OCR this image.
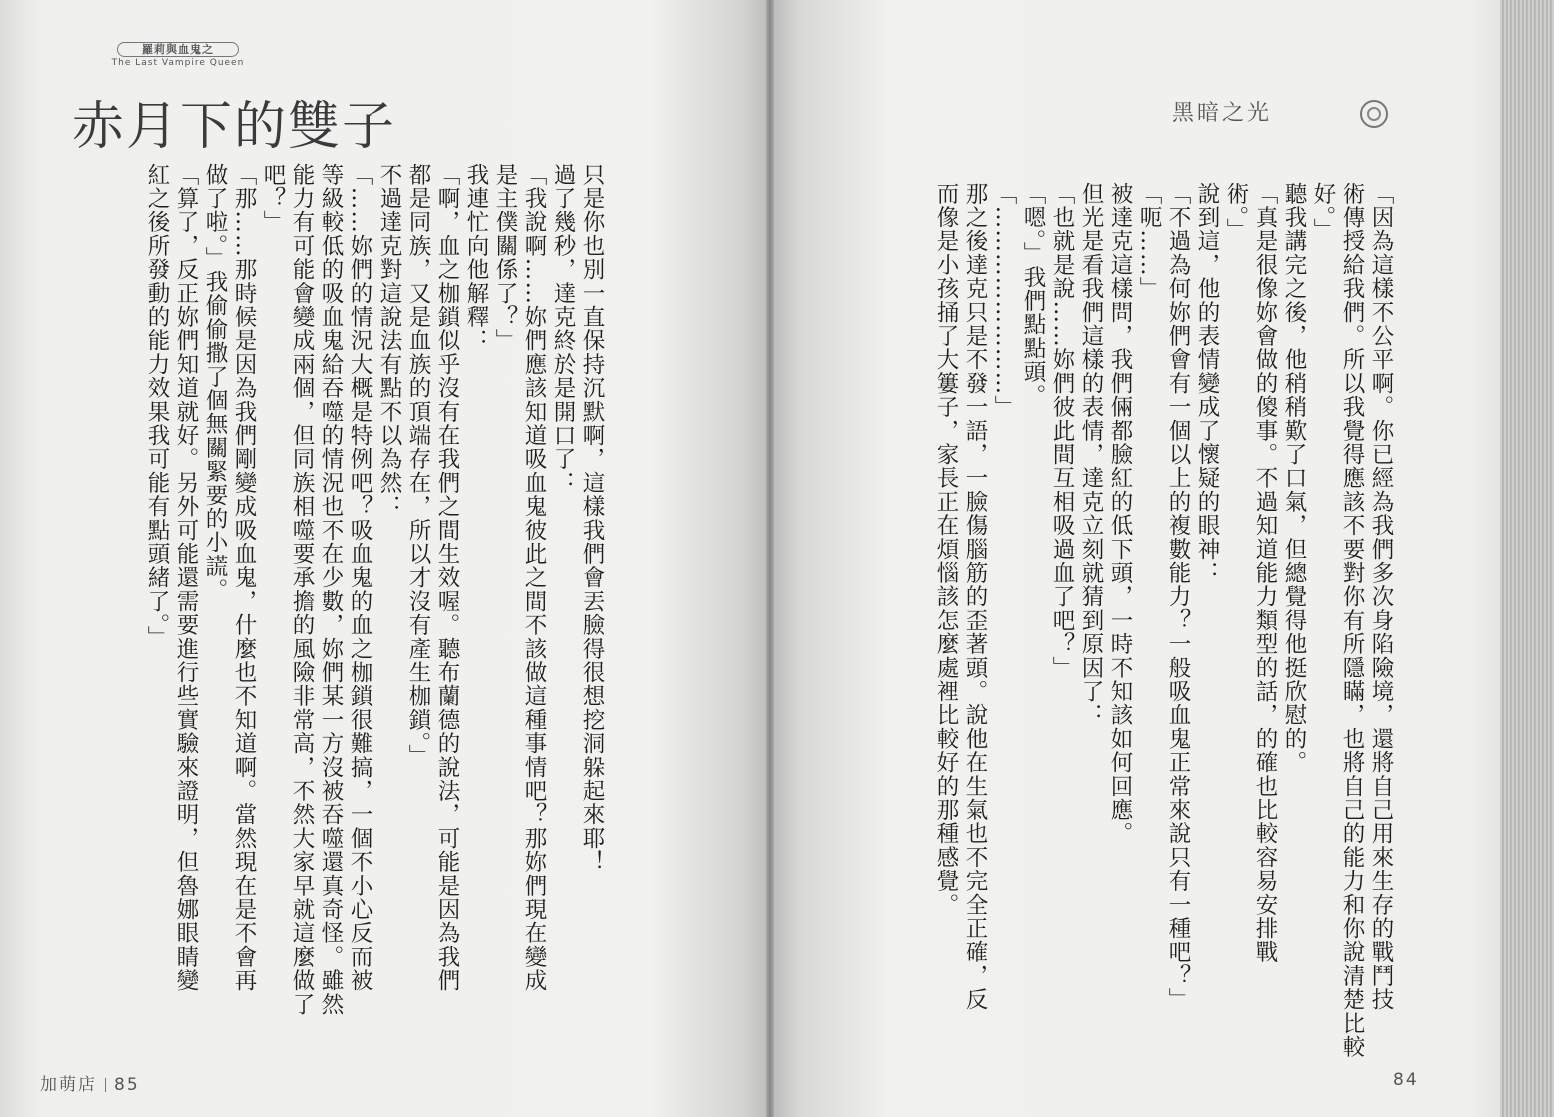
羅莉與血鬼之
The Last Vampire Queen
赤月下的雙子	黑暗之光
只是你也別一直保持沉默啊，這樣我們會丟臉得很想挖洞躲起來耶！
過了幾秒，達克終於是開口了：
「我說啊……妳們應該知道吸血鬼彼此之間不該做這種事情吧？那妳們現在變成
是主僕關係了？」
我連忙向他解釋：
「啊，血之枷鎖似乎沒有在我們之間生效喔。聽布蘭德的說法，可能是因為我們
都是同族，又是血族的頂端存在，所以才沒有產生枷鎖。」
不過達克對這說法有點不以為然：
「……妳們的情況大概是特例吧？吸血鬼的血之枷鎖很難搞，一個不小心反而被
等級較低的吸血鬼給吞噬的情況也不在少數，妳們某一方沒被吞噬還真奇怪。雖然
能力有可能會變成兩個，但同族相噬要承擔的風險非常高，不然大家早就這麼做了
吧？」
「那……那時候是因為我們剛變成吸血鬼，什麼也不知道啊。當然現在是不會再
做了啦。」我偷偷撒了個無關緊要的小謊。
「算了，反正妳們知道就好。另外可能還需要進行些實驗來證明，但魯娜眼睛變
紅之後所發動的能力效果我可能有點頭緒了。」	「因為這樣不公平啊。你已經為我們多次身陷險境，還將自己用來生存的戰鬥技
術傳授給我們。所以我覺得應該不要對你有所隱瞞，也將自己的能力和你說清楚比較
好。」
聽我講完之後，他稍稍歎了口氣，但總覺得他挺欣慰的。
「真是很像妳會做的傻事。不過知道能力類型的話，的確也比較容易安排戰
術。」
說到這，他的表情變成了懷疑的眼神：
「不過為何妳們會有一個以上的複數能力？一般吸血鬼正常來說只有一種吧？」
「呃……」
被達克這樣問，我們倆都臉紅的低下頭，一時不知該如何回應。
但光是看我們這樣的表情，達克立刻就猜到原因了：
「也就是說……妳們彼此間互相吸過血了吧？」
「嗯。」我們點點頭。
「……………………」
那之後達克只是不發一語，一臉傷腦筋的歪著頭。說他在生氣也不完全正確，反
而像是小孩捅了大簍子，家長正在煩惱該怎麼處裡比較好的那種感覺。
加萌店 85	84
